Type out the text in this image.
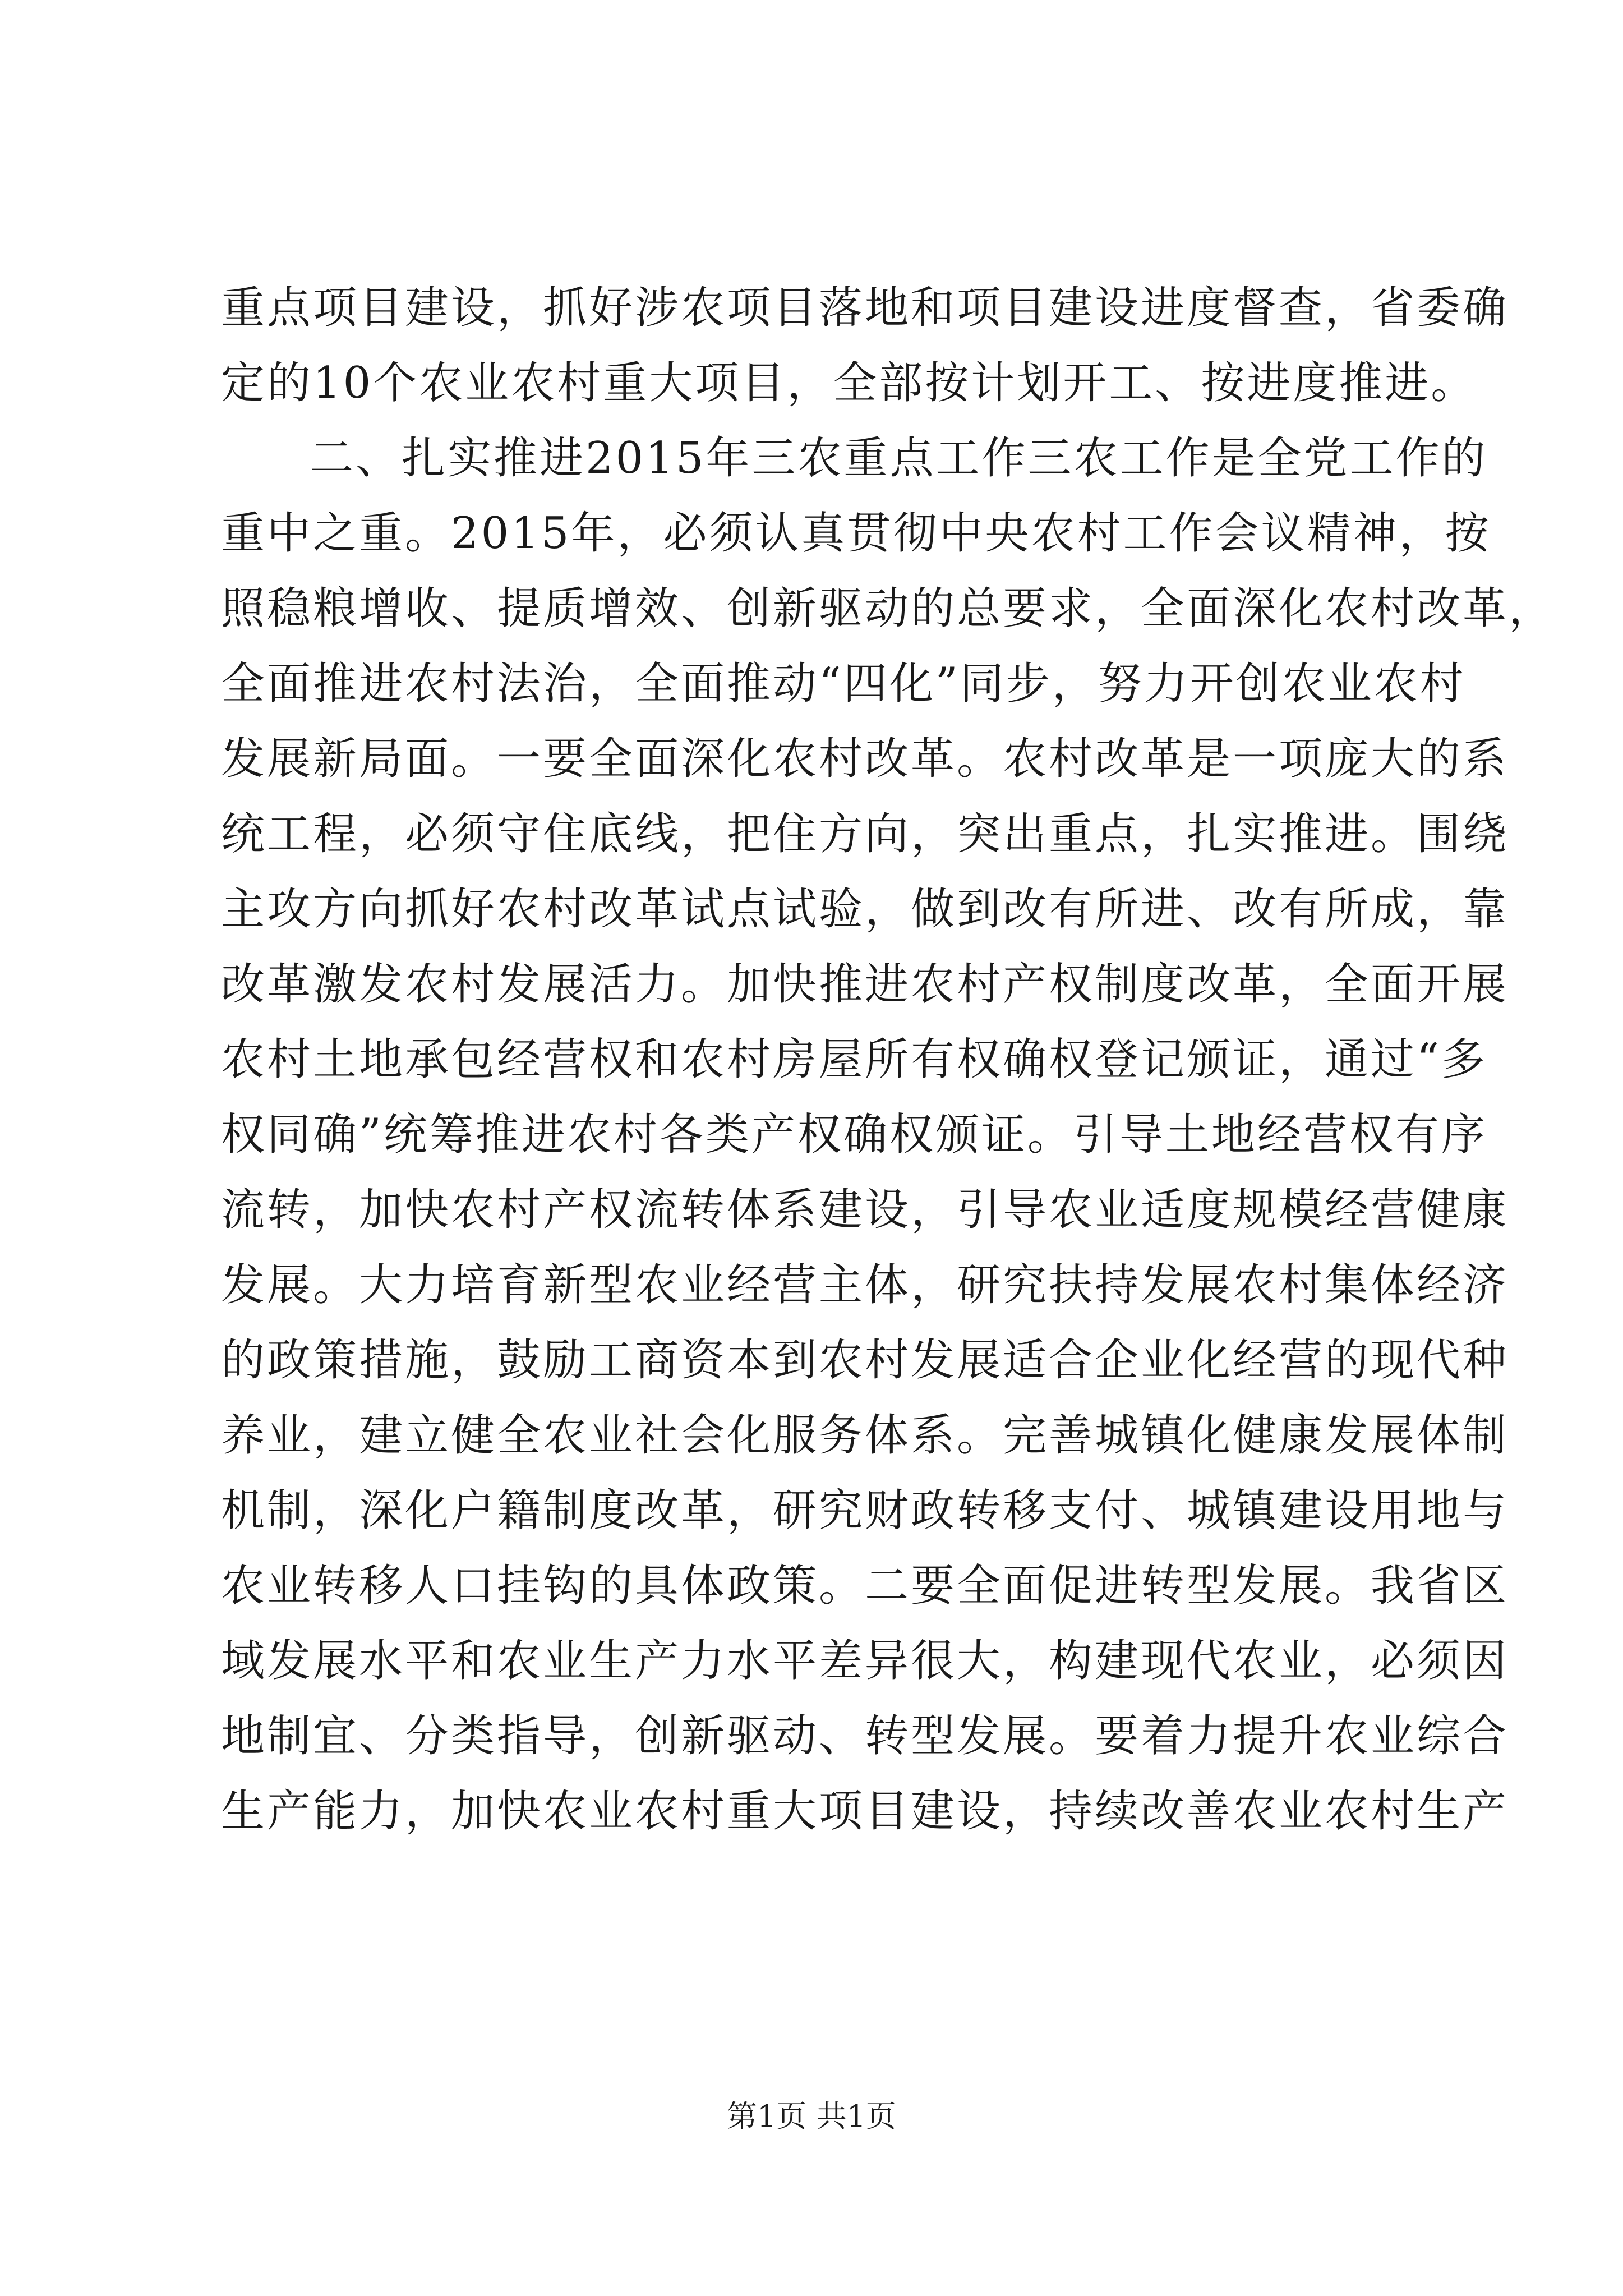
重点项目建设，抓好涉农项目落地和项目建设进度督查，省委确
定的10个农业农村重大项目，全部按计划开工、按进度推进。
二、扎实推进2015年三农重点工作三农工作是全党工作的
重中之重。2015年，必须认真贯彻中央农村工作会议精神，按
照稳粮增收、提质增效、创新驱动的总要求，全面深化农村改革，
全面推进农村法治，全面推动“四化”同步，努力开创农业农村
发展新局面。一要全面深化农村改革。农村改革是一项庞大的系
统工程，必须守住底线，把住方向，突出重点，扎实推进。围绕
主攻方向抓好农村改革试点试验，做到改有所进、改有所成，靠
改革激发农村发展活力。加快推进农村产权制度改革，全面开展
农村土地承包经营权和农村房屋所有权确权登记颁证，通过“多
权同确”统筹推进农村各类产权确权颁证。引导土地经营权有序
流转，加快农村产权流转体系建设，引导农业适度规模经营健康
发展。大力培育新型农业经营主体，研究扶持发展农村集体经济
的政策措施，鼓励工商资本到农村发展适合企业化经营的现代种
养业，建立健全农业社会化服务体系。完善城镇化健康发展体制
机制，深化户籍制度改革，研究财政转移支付、城镇建设用地与
农业转移人口挂钩的具体政策。二要全面促进转型发展。我省区
域发展水平和农业生产力水平差异很大，构建现代农业，必须因
地制宜、分类指导，创新驱动、转型发展。要着力提升农业综合
生产能力，加快农业农村重大项目建设，持续改善农业农村生产
第1页 共1页
